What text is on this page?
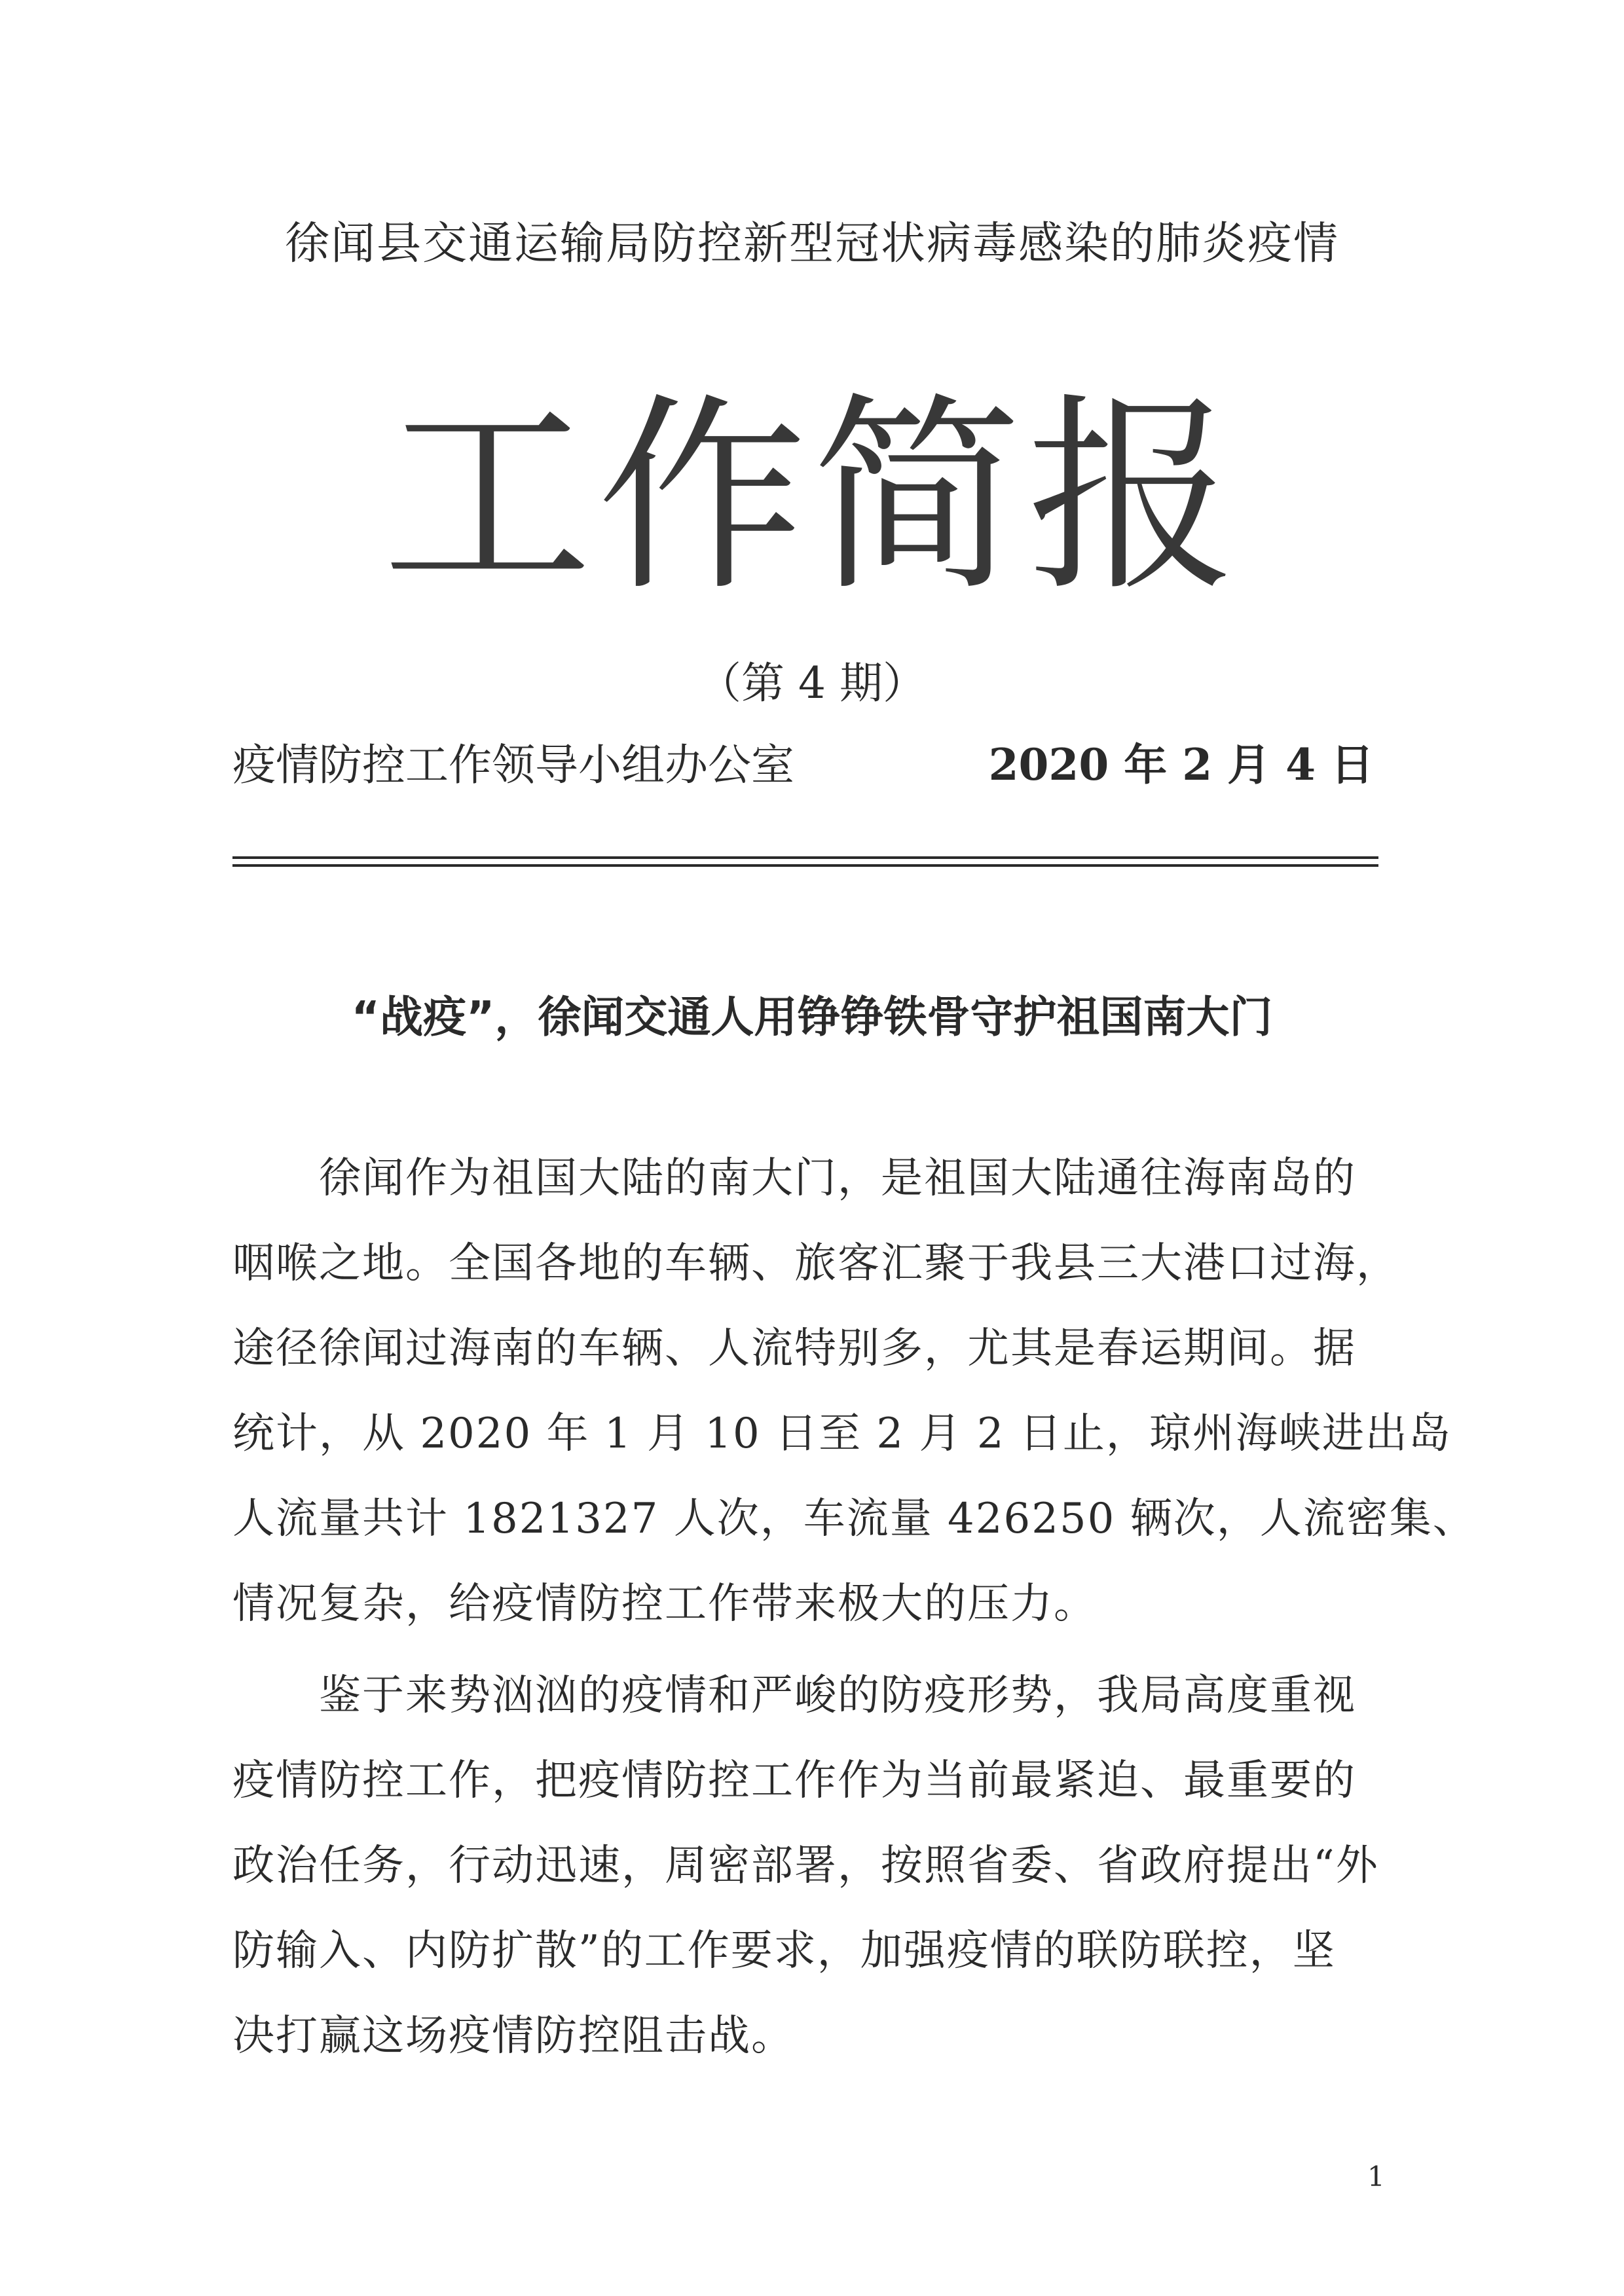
徐闻县交通运输局防控新型冠状病毒感染的肺炎疫情
工作简报
（第 4 期）
疫情防控工作领导小组办公室	2020 年 2 月 4 日
“战疫”，徐闻交通人用铮铮铁骨守护祖国南大门
徐闻作为祖国大陆的南大门，是祖国大陆通往海南岛的
咽喉之地。全国各地的车辆、旅客汇聚于我县三大港口过海，
途径徐闻过海南的车辆、人流特别多，尤其是春运期间。据
统计，从 2020 年 1 月 10 日至 2 月 2 日止，琼州海峡进出岛
人流量共计 1821327 人次，车流量 426250 辆次，人流密集、
情况复杂，给疫情防控工作带来极大的压力。
鉴于来势汹汹的疫情和严峻的防疫形势，我局高度重视
疫情防控工作，把疫情防控工作作为当前最紧迫、最重要的
政治任务，行动迅速，周密部署，按照省委、省政府提出“外
防输入、内防扩散”的工作要求，加强疫情的联防联控，坚
决打赢这场疫情防控阻击战。
1
